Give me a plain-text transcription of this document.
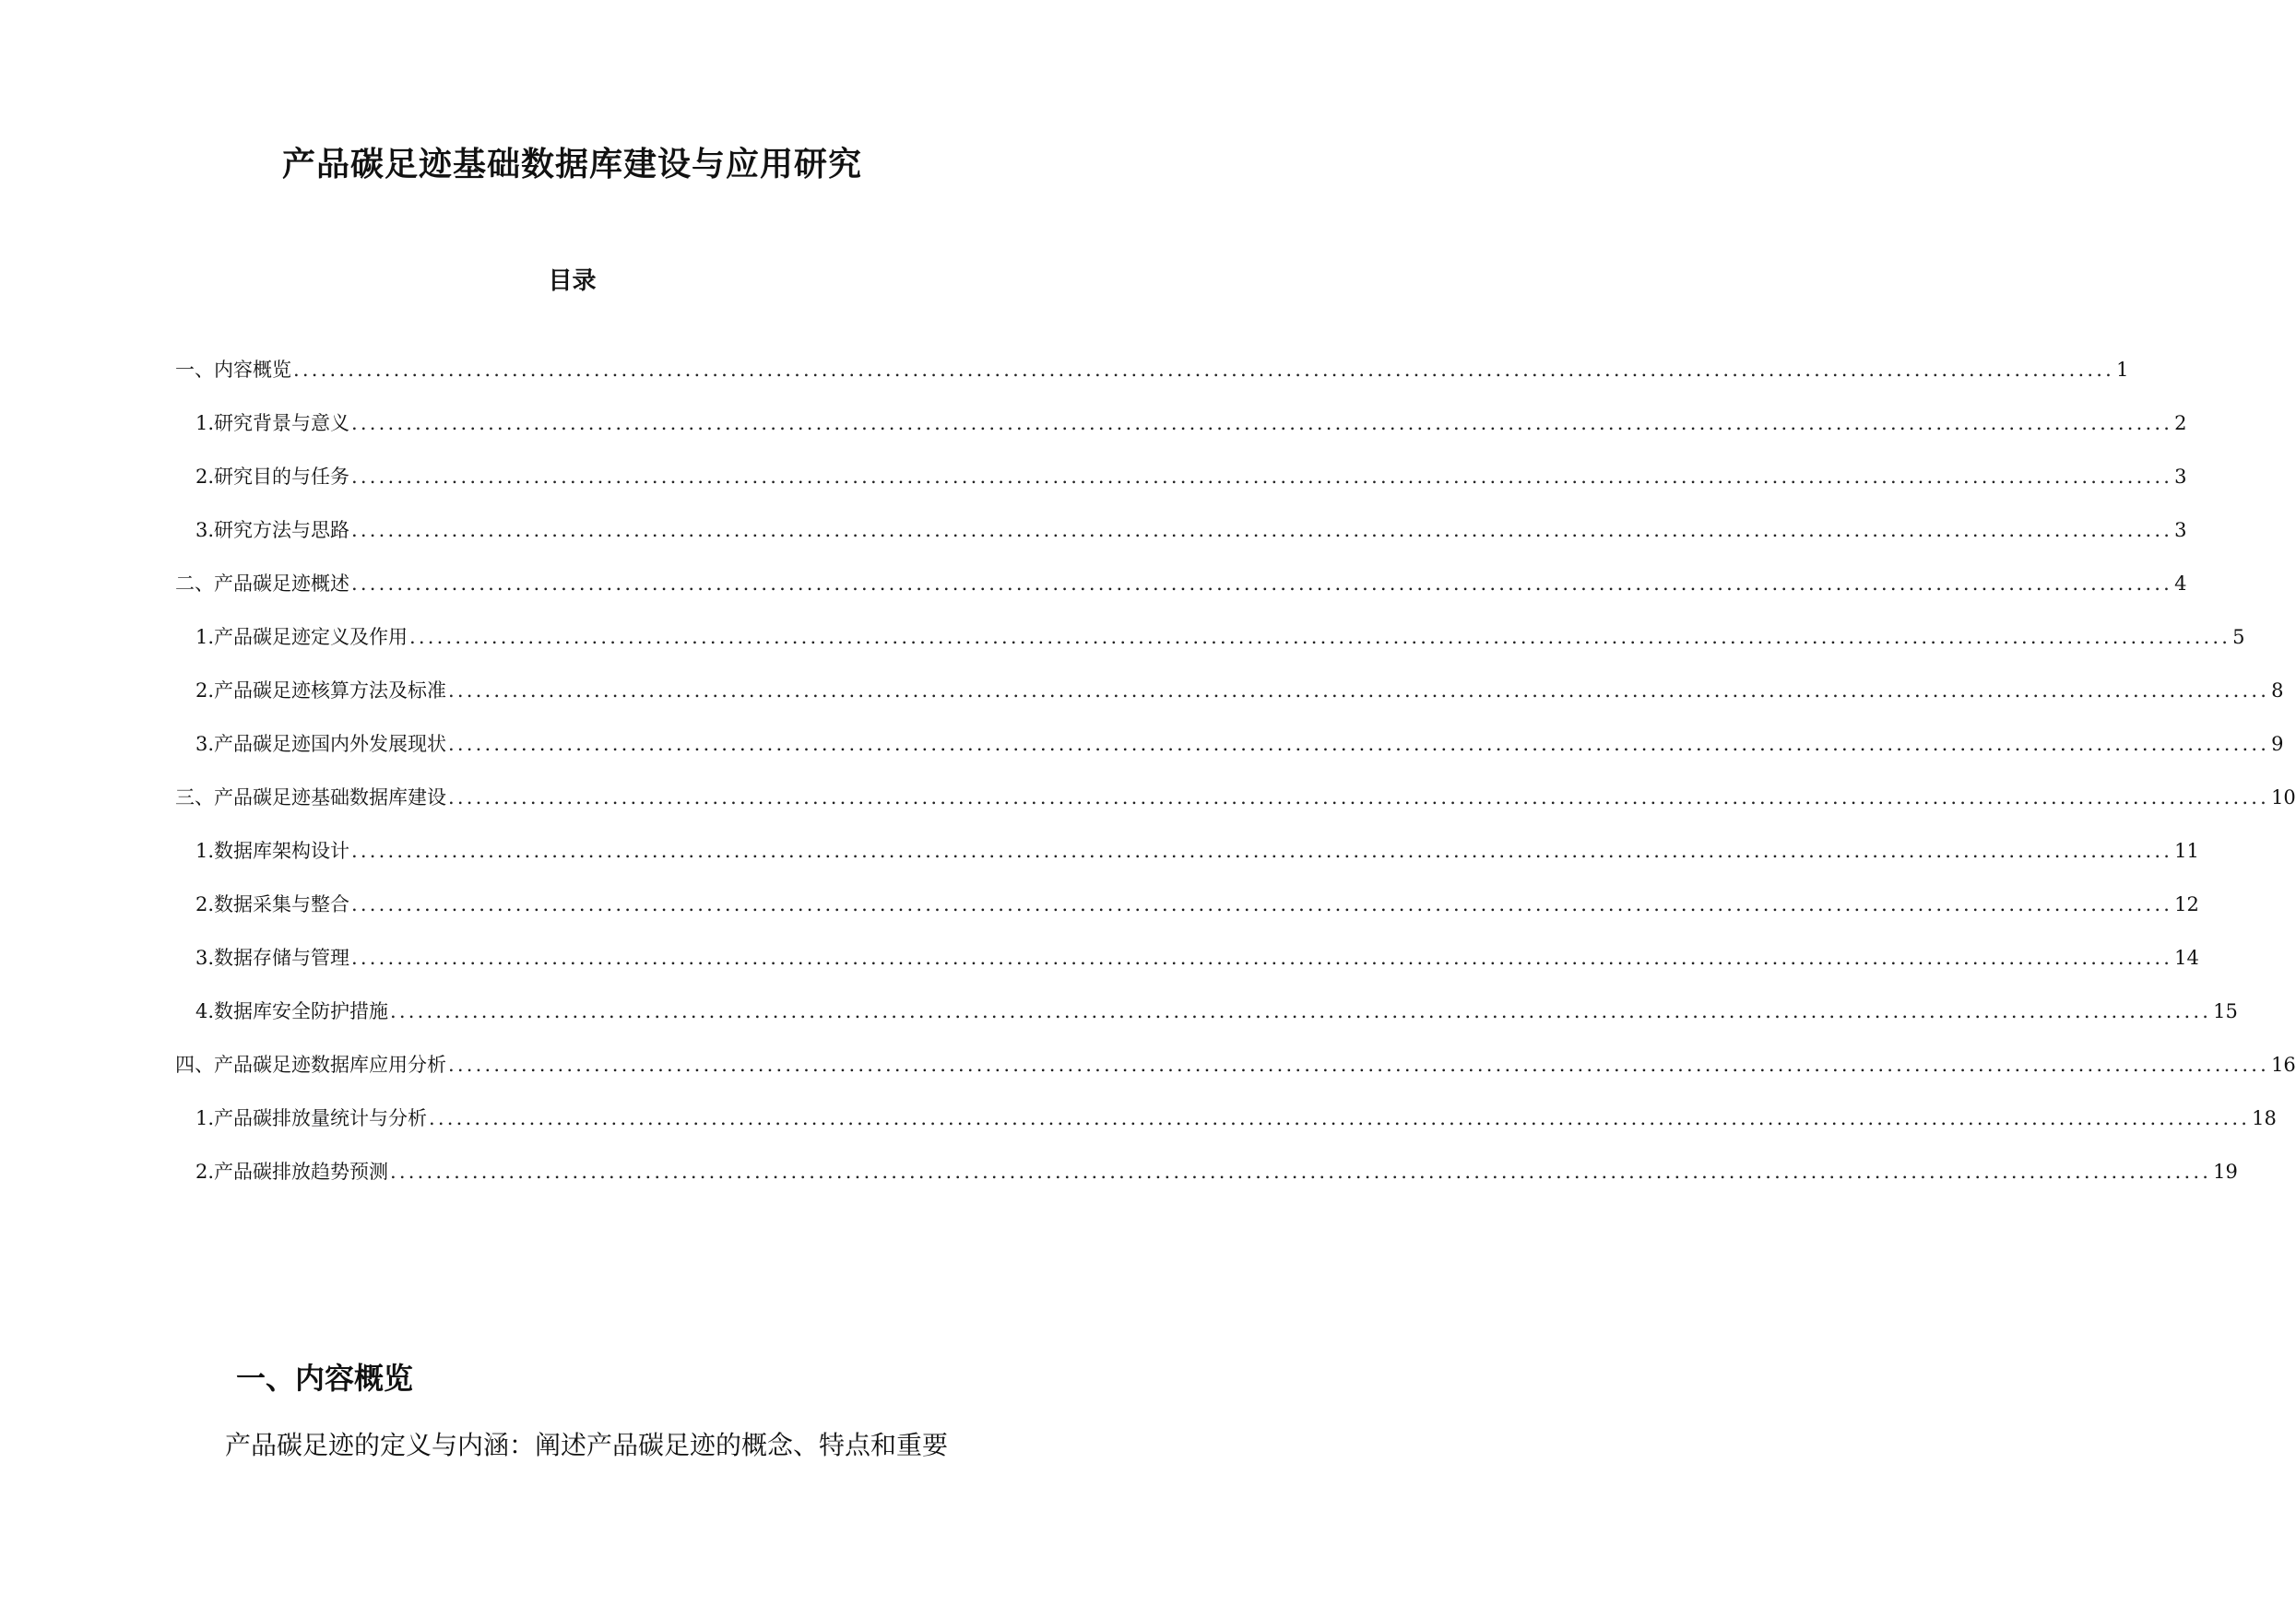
产品碳足迹基础数据库建设与应用研究
目录
一、内容概览 ........................................................................................................................................................................................................ 1
1. 研究背景与意义 ........................................................................................................................................................................................................ 2
2. 研究目的与任务 ........................................................................................................................................................................................................ 3
3. 研究方法与思路 ........................................................................................................................................................................................................ 3
二、产品碳足迹概述 ........................................................................................................................................................................................................ 4
1. 产品碳足迹定义及作用 ........................................................................................................................................................................................................ 5
2. 产品碳足迹核算方法及标准 ........................................................................................................................................................................................................ 8
3. 产品碳足迹国内外发展现状 ........................................................................................................................................................................................................ 9
三、产品碳足迹基础数据库建设 ........................................................................................................................................................................................................ 10
1. 数据库架构设计 ........................................................................................................................................................................................................ 11
2. 数据采集与整合 ........................................................................................................................................................................................................ 12
3. 数据存储与管理 ........................................................................................................................................................................................................ 14
4. 数据库安全防护措施 ........................................................................................................................................................................................................ 15
四、产品碳足迹数据库应用分析 ........................................................................................................................................................................................................ 16
1. 产品碳排放量统计与分析 ........................................................................................................................................................................................................ 18
2. 产品碳排放趋势预测 ........................................................................................................................................................................................................ 19
一、内容概览
产品碳足迹的定义与内涵：阐述产品碳足迹的概念、特点和重要
